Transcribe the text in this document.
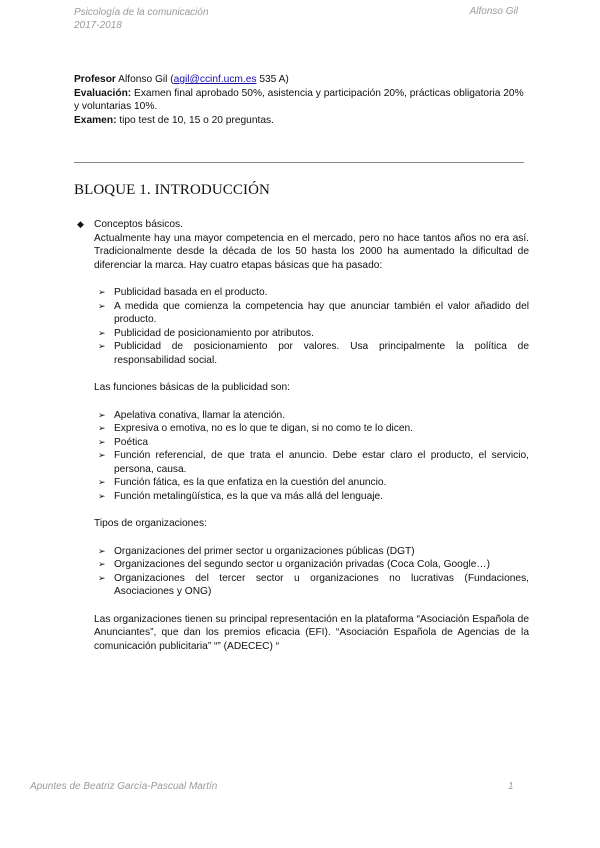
Psicología de la comunicación
2017-2018
Alfonso Gil
Profesor Alfonso Gil (agil@ccinf.ucm.es 535 A)
Evaluación: Examen final aprobado 50%, asistencia y participación 20%, prácticas obligatoria 20% y voluntarias 10%.
Examen: tipo test de 10, 15 o 20 preguntas.
BLOQUE 1. INTRODUCCIÓN
◆ Conceptos básicos.
Actualmente hay una mayor competencia en el mercado, pero no hace tantos años no era así. Tradicionalmente desde la década de los 50 hasta los 2000 ha aumentado la dificultad de diferenciar la marca. Hay cuatro etapas básicas que ha pasado:
➢ Publicidad basada en el producto.
➢ A medida que comienza la competencia hay que anunciar también el valor añadido del producto.
➢ Publicidad de posicionamiento por atributos.
➢ Publicidad de posicionamiento por valores. Usa principalmente la política de responsabilidad social.
Las funciones básicas de la publicidad son:
➢ Apelativa conativa, llamar la atención.
➢ Expresiva o emotiva, no es lo que te digan, si no como te lo dicen.
➢ Poética
➢ Función referencial, de que trata el anuncio. Debe estar claro el producto, el servicio, persona, causa.
➢ Función fática, es la que enfatiza en la cuestión del anuncio.
➢ Función metalingüística, es la que va más allá del lenguaje.
Tipos de organizaciones:
➢ Organizaciones del primer sector u organizaciones públicas (DGT)
➢ Organizaciones del segundo sector u organización privadas (Coca Cola, Google…)
➢ Organizaciones del tercer sector u organizaciones no lucrativas (Fundaciones, Asociaciones y ONG)
Las organizaciones tienen su principal representación en la plataforma “Asociación Española de Anunciantes”, que dan los premios eficacia (EFI). “Asociación Española de Agencias de la comunicación publicitaria” “” (ADECEC) “
Apuntes de Beatriz García-Pascual Martín	1
